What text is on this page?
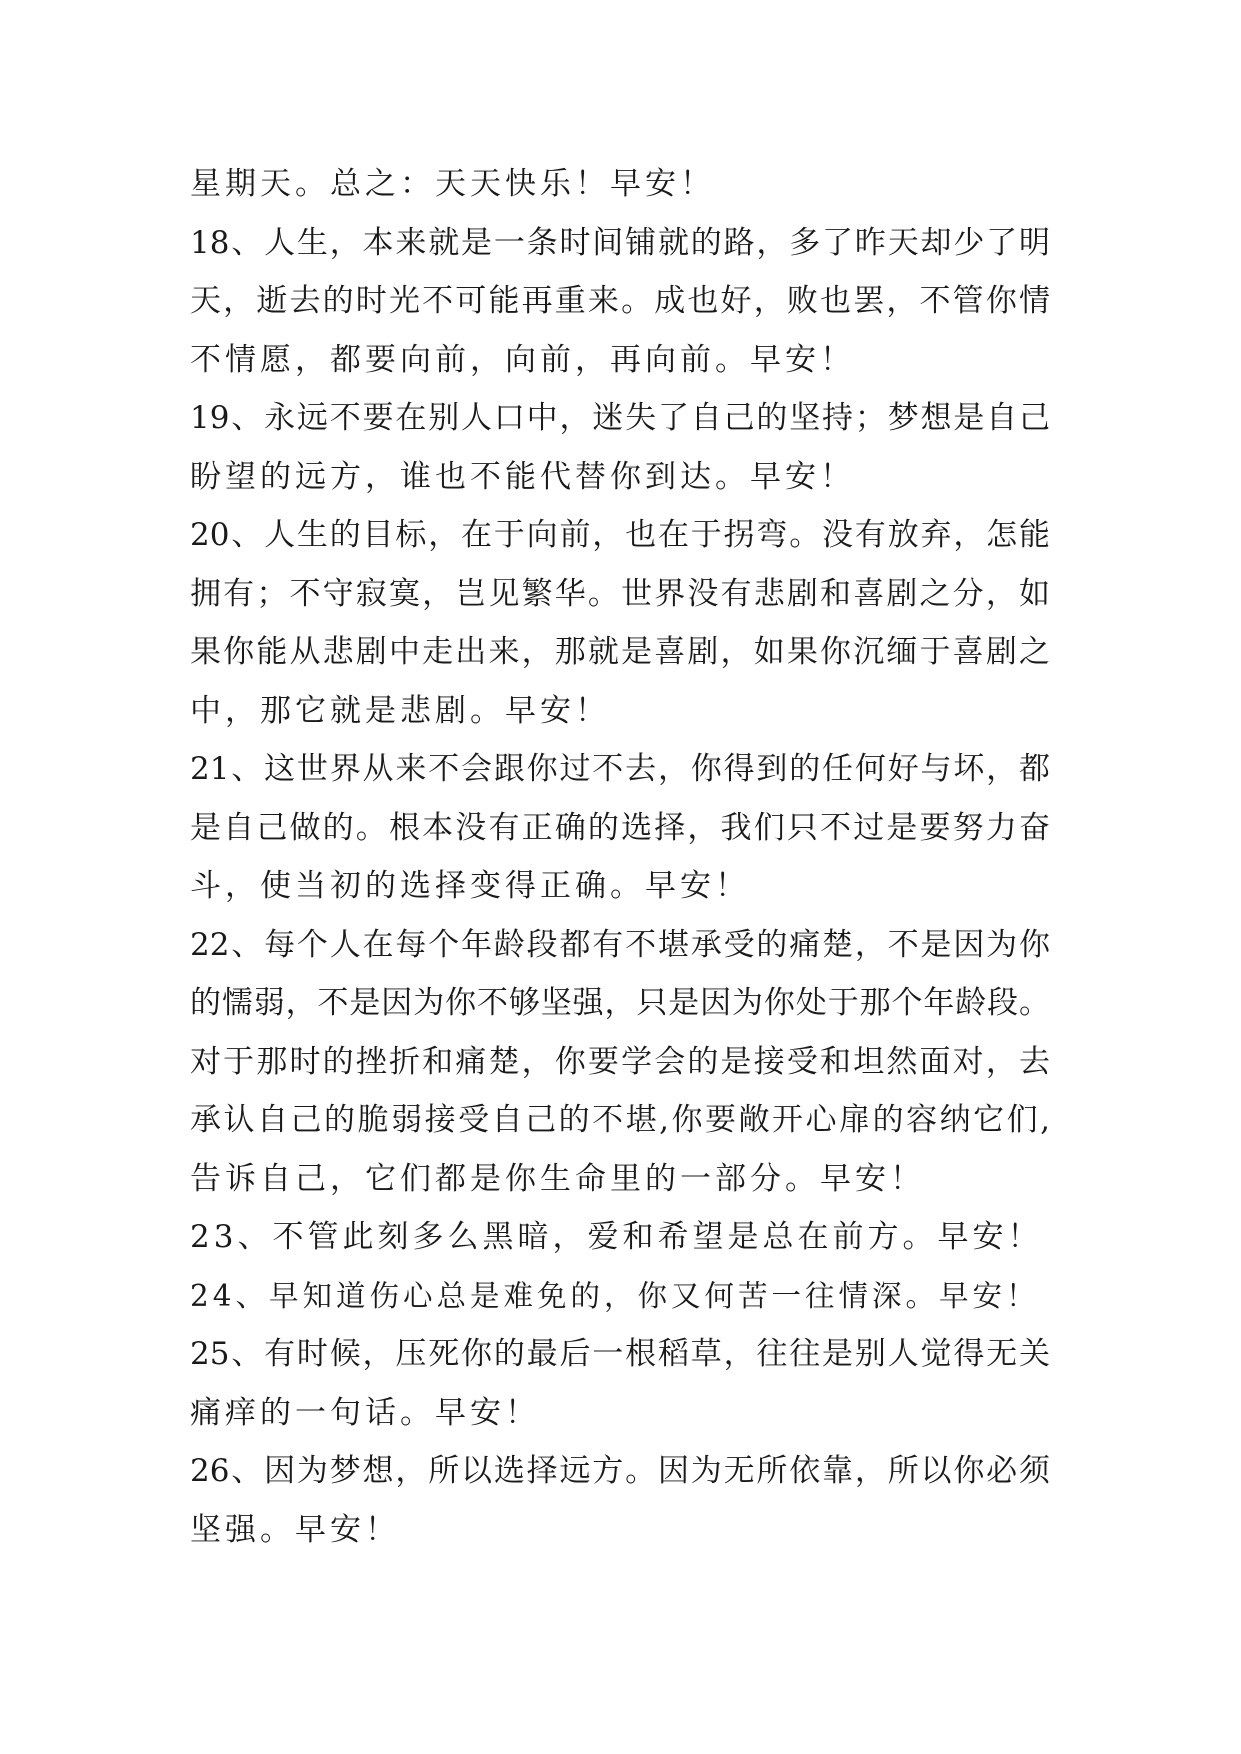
星期天。总之：天天快乐！早安！
18、人生，本来就是一条时间铺就的路，多了昨天却少了明
天，逝去的时光不可能再重来。成也好，败也罢，不管你情
不情愿，都要向前，向前，再向前。早安！
19、永远不要在别人口中，迷失了自己的坚持；梦想是自己
盼望的远方，谁也不能代替你到达。早安！
20、人生的目标，在于向前，也在于拐弯。没有放弃，怎能
拥有；不守寂寞，岂见繁华。世界没有悲剧和喜剧之分，如
果你能从悲剧中走出来，那就是喜剧，如果你沉缅于喜剧之
中，那它就是悲剧。早安！
21、这世界从来不会跟你过不去，你得到的任何好与坏，都
是自己做的。根本没有正确的选择，我们只不过是要努力奋
斗，使当初的选择变得正确。早安！
22、每个人在每个年龄段都有不堪承受的痛楚，不是因为你
的懦弱，不是因为你不够坚强，只是因为你处于那个年龄段。
对于那时的挫折和痛楚，你要学会的是接受和坦然面对，去
承认自己的脆弱接受自己的不堪,你要敞开心扉的容纳它们,
告诉自己，它们都是你生命里的一部分。早安！
23、不管此刻多么黑暗，爱和希望是总在前方。早安！
24、早知道伤心总是难免的，你又何苦一往情深。早安！
25、有时候，压死你的最后一根稻草，往往是别人觉得无关
痛痒的一句话。早安！
26、因为梦想，所以选择远方。因为无所依靠，所以你必须
坚强。早安！
